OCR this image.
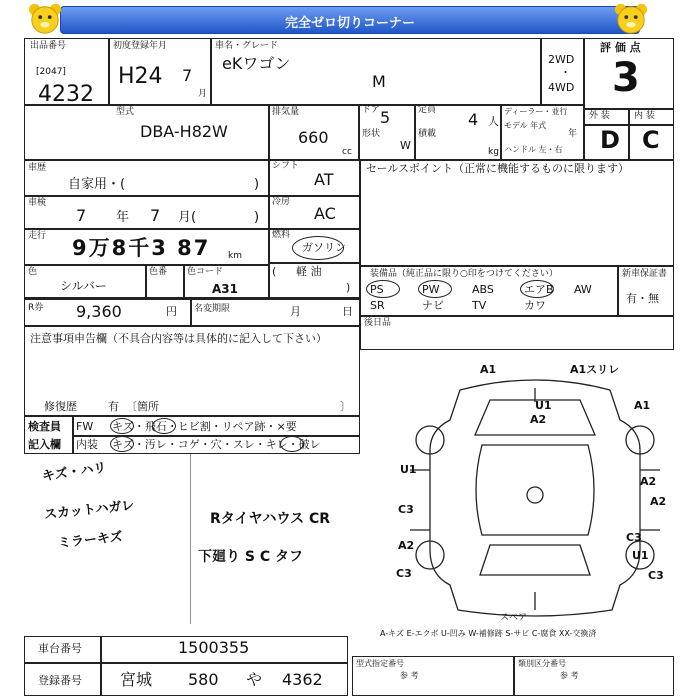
完全ゼロ切りコーナー
出品番号
[2047]
4232
初度登録年月
H24 7
月
車名・グレード
eKワゴン
M
2WD
・
4WD
評 価 点
3
型式
DBA-H82W
排気量
660
cc
ドア 5
形状
W
定員 4 人
積載
kg
ディーラー・並行
モデル 年式
年
ハンドル 左・右
外 装	内 装
D C
車歴
自家用・(	)
シフト
AT
車検
7 年 7 月(	)
冷房
AC
走行 9万8千3 87 km
燃料
ガソリン
( 軽 油
)
色
シルバー
色番 色コード
A31
R券 9,360	円 名変期限	月	日
セールスポイント（正常に機能するものに限ります）
装備品（純正品に限り○印をつけてください）	新車保証書
有・無
PS	PW	ABS	エアB AW
SR	ナビ	TV	カワ
後日品
注意事項申告欄（不具合内容等は具体的に記入して下さい）
修復歴	有 〔箇所	〕
検査員
記入欄
FW キズ・飛石・ヒビ割・リペア跡・×要
内装 キズ・汚レ・コゲ・穴・スレ・キレ・破レ
キズ・ハリ
スカットハガレ
ミラーキズ
Rタイヤハウス CR
下廻り S C タフ
A1	A1スリレ
U1
A2
A1
U1
C3
A2
A2
C3
C3
A2
U1
C3
スペア
A-キズ E-エクボ U-凹み W-補修跡 S-サビ C-腐食 XX-交換済
車台番号	1500355
登録番号 宮城 580 や 4362
型式指定番号	類別区分番号
参 考	参 考
